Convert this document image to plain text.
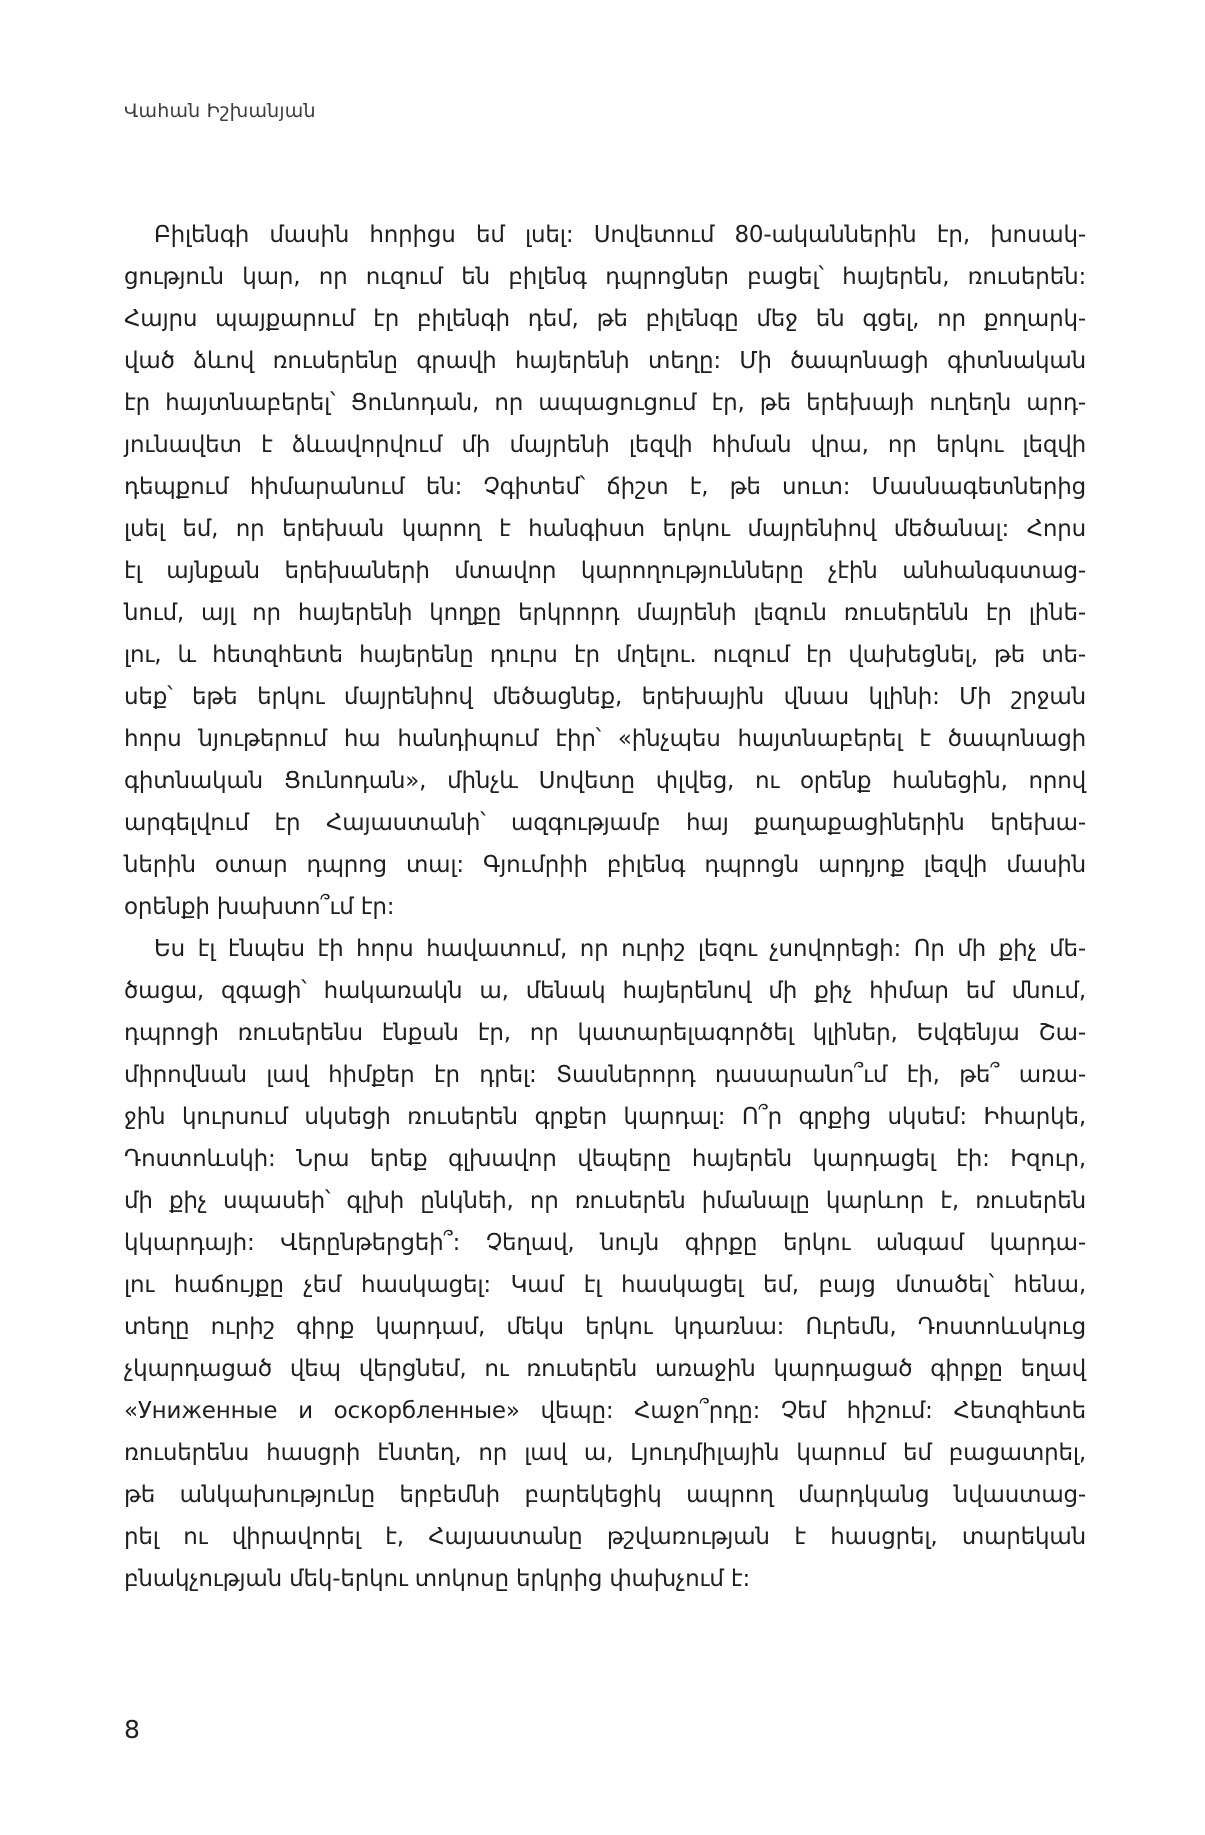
Վահան Իշխանյան
Բիլենգի մասին հորիցս եմ լսել: Սովետում 80-ականներին էր, խոսակ-
ցություն կար, որ ուզում են բիլենգ դպրոցներ բացել՝ հայերեն, ռուսերեն:
Հայրս պայքարում էր բիլենգի դեմ, թե բիլենգը մեջ են գցել, որ քողարկ-
ված ձևով ռուսերենը գրավի հայերենի տեղը: Մի ծապոնացի գիտնական
էր հայտնաբերել՝ Ցունոդան, որ ապացուցում էր, թե երեխայի ուղեղն արդ-
յունավետ է ձևավորվում մի մայրենի լեզվի հիման վրա, որ երկու լեզվի
դեպքում հիմարանում են: Չգիտեմ՝ ճիշտ է, թե սուտ: Մասնագետներից
լսել եմ, որ երեխան կարող է հանգիստ երկու մայրենիով մեծանալ: Հորս
էլ այնքան երեխաների մտավոր կարողությունները չէին անհանգստաց-
նում, այլ որ հայերենի կողքը երկրորդ մայրենի լեզուն ռուսերենն էր լինե-
լու, և հետզհետե հայերենը դուրս էր մղելու. ուզում էր վախեցնել, թե տե-
սեք՝ եթե երկու մայրենիով մեծացնեք, երեխային վնաս կլինի: Մի շրջան
հորս նյութերում հա հանդիպում էիր՝ «ինչպես հայտնաբերել է ծապոնացի
գիտնական Ցունոդան», մինչև Սովետը փլվեց, ու օրենք հանեցին, որով
արգելվում էր Հայաստանի՝ ազգությամբ հայ քաղաքացիներին երեխա-
ներին օտար դպրոց տալ: Գյումրիի բիլենգ դպրոցն արդյոք լեզվի մասին
օրենքի խախտո՞ւմ էր:
Ես էլ էնպես էի հորս հավատում, որ ուրիշ լեզու չսովորեցի: Որ մի քիչ մե-
ծացա, զգացի՝ հակառակն ա, մենակ հայերենով մի քիչ հիմար եմ մնում,
դպրոցի ռուսերենս էնքան էր, որ կատարելագործել կլիներ, Եվգենյա Շա-
միրովնան լավ հիմքեր էր դրել: Տասներորդ դասարանո՞ւմ էի, թե՞ առա-
ջին կուրսում սկսեցի ռուսերեն գրքեր կարդալ: Ո՞ր գրքից սկսեմ: Իհարկե,
Դոստոևսկի: Նրա երեք գլխավոր վեպերը հայերեն կարդացել էի: Իզուր,
մի քիչ սպասեի՝ գլխի ընկնեի, որ ռուսերեն իմանալը կարևոր է, ռուսերեն
կկարդայի: Վերընթերցեի՞: Չեղավ, նույն գիրքը երկու անգամ կարդա-
լու հաճույքը չեմ հասկացել: Կամ էլ հասկացել եմ, բայց մտածել՝ հենա,
տեղը ուրիշ գիրք կարդամ, մեկս երկու կդառնա: Ուրեմն, Դոստոևսկուց
չկարդացած վեպ վերցնեմ, ու ռուսերեն առաջին կարդացած գիրքը եղավ
«Униженные и оскорбленные» վեպը: Հաջո՞րդը: Չեմ հիշում: Հետզհետե
ռուսերենս հասցրի էնտեղ, որ լավ ա, Լյուդմիլային կարում եմ բացատրել,
թե անկախությունը երբեմնի բարեկեցիկ ապրող մարդկանց նվաստաց-
րել ու վիրավորել է, Հայաստանը թշվառության է հասցրել, տարեկան
բնակչության մեկ-երկու տոկոսը երկրից փախչում է:
8
